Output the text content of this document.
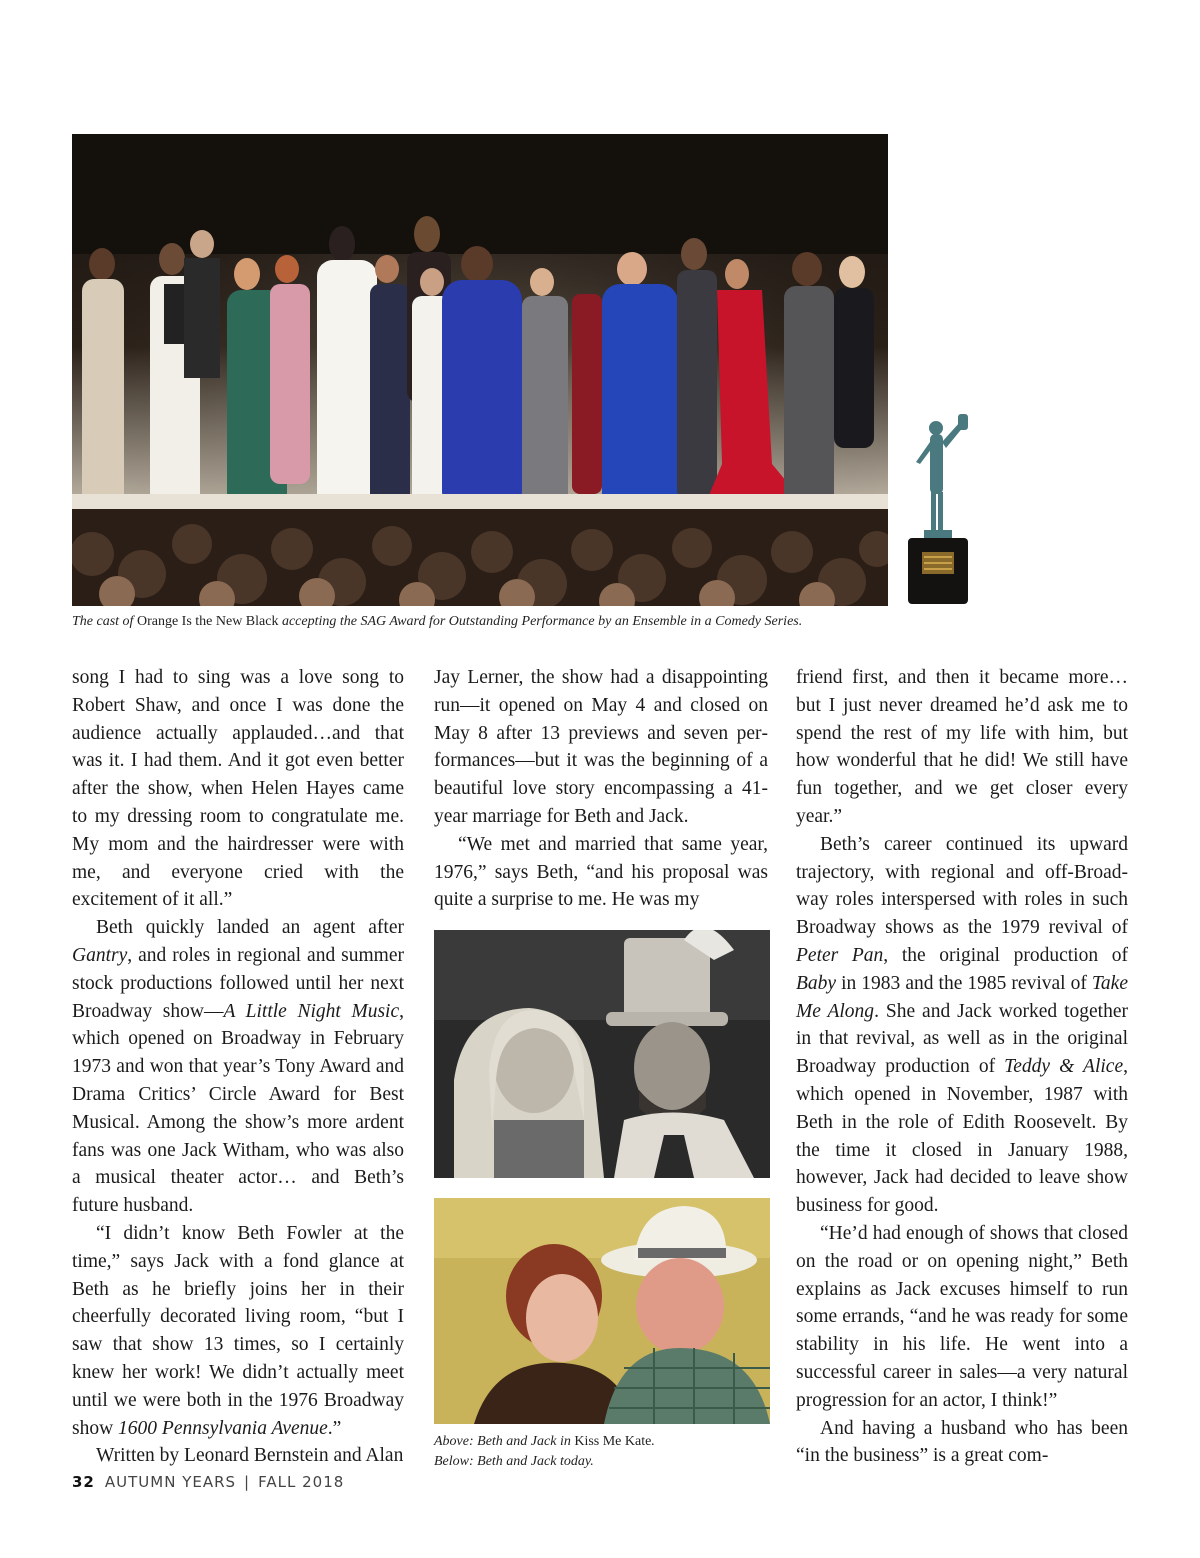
The cast of Orange Is the New Black accepting the SAG Award for Outstanding Performance by an Ensemble in a Comedy Series.

song I had to sing was a love song to Robert Shaw, and once I was done the audience actually applauded…and that was it. I had them. And it got even better after the show, when Helen Hayes came to my dressing room to congratulate me. My mom and the hairdresser were with me, and everyone cried with the excitement of it all.”

Beth quickly landed an agent after Gantry, and roles in regional and summer stock productions followed until her next Broadway show—A Little Night Music, which opened on Broadway in February 1973 and won that year’s Tony Award and Drama Critics’ Circle Award for Best Musical. Among the show’s more ardent fans was one Jack Witham, who was also a musical theater actor… and Beth’s future husband.

“I didn’t know Beth Fowler at the time,” says Jack with a fond glance at Beth as he briefly joins her in their cheerfully decorated living room, “but I saw that show 13 times, so I certainly knew her work! We didn’t actually meet until we were both in the 1976 Broadway show 1600 Pennsylvania Avenue.”

Written by Leonard Bernstein and Alan

Jay Lerner, the show had a disappointing run—it opened on May 4 and closed on May 8 after 13 previews and seven performances—but it was the beginning of a beautiful love story encompassing a 41-year marriage for Beth and Jack.

“We met and married that same year, 1976,” says Beth, “and his proposal was quite a surprise to me. He was my

Above: Beth and Jack in Kiss Me Kate.
Below: Beth and Jack today.

friend first, and then it became more… but I just never dreamed he’d ask me to spend the rest of my life with him, but how wonderful that he did! We still have fun together, and we get closer every year.”

Beth’s career continued its upward trajectory, with regional and off-Broadway roles interspersed with roles in such Broadway shows as the 1979 revival of Peter Pan, the original production of Baby in 1983 and the 1985 revival of Take Me Along. She and Jack worked together in that revival, as well as in the original Broadway production of Teddy & Alice, which opened in November, 1987 with Beth in the role of Edith Roosevelt. By the time it closed in January 1988, however, Jack had decided to leave show business for good.

“He’d had enough of shows that closed on the road or on opening night,” Beth explains as Jack excuses himself to run some errands, “and he was ready for some stability in his life. He went into a successful career in sales—a very natural progression for an actor, I think!”

And having a husband who has been “in the business” is a great com-

32 AUTUMN YEARS | FALL 2018
